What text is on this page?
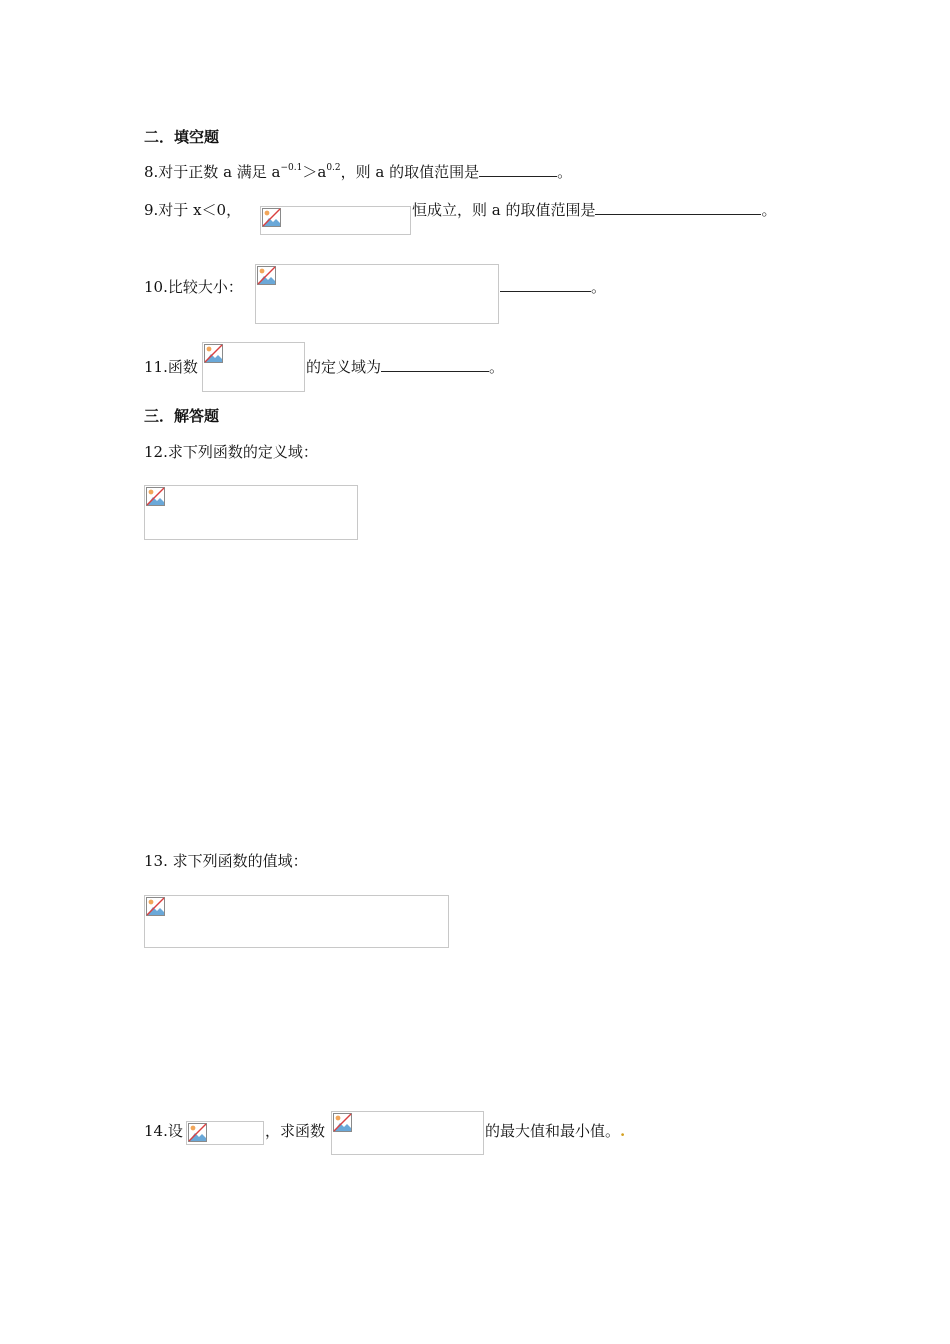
二．填空题
8.对于正数 a 满足 $a^{-0.1}>a^{0.2}$，则 a 的取值范围是	。
9.对于 x＜0，	恒成立，则 a 的取值范围是	。
10.比较大小：	。
11.函数	的定义域为	。
三．解答题
12.求下列函数的定义域：
13. 求下列函数的值域：
14.设	，求函数	的最大值和最小值。.
